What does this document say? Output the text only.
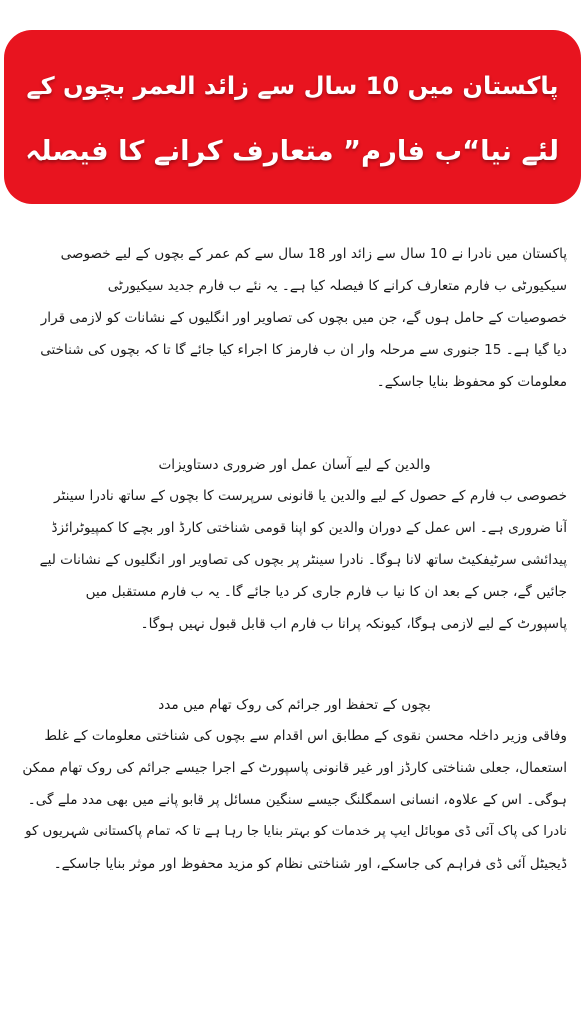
پاکستان میں 10 سال سے زائد العمر بچوں کے
لئے نیا“ب فارم” متعارف کرانے کا فیصلہ

پاکستان میں نادرا نے 10 سال سے زائد اور 18 سال سے کم عمر کے بچوں کے لیے خصوصی
سیکیورٹی ب فارم متعارف کرانے کا فیصلہ کیا ہے۔ یہ نئے ب فارم جدید سیکیورٹی
خصوصیات کے حامل ہوں گے، جن میں بچوں کی تصاویر اور انگلیوں کے نشانات کو لازمی قرار
دیا گیا ہے۔ 15 جنوری سے مرحلہ وار ان ب فارمز کا اجراء کیا جائے گا تا کہ بچوں کی شناختی
معلومات کو محفوظ بنایا جاسکے۔

والدین کے لیے آسان عمل اور ضروری دستاویزات

خصوصی ب فارم کے حصول کے لیے والدین یا قانونی سرپرست کا بچوں کے ساتھ نادرا سینٹر
آنا ضروری ہے۔ اس عمل کے دوران والدین کو اپنا قومی شناختی کارڈ اور بچے کا کمپیوٹرائزڈ
پیدائشی سرٹیفکیٹ ساتھ لانا ہوگا۔ نادرا سینٹر پر بچوں کی تصاویر اور انگلیوں کے نشانات لیے
جائیں گے، جس کے بعد ان کا نیا ب فارم جاری کر دیا جائے گا۔ یہ ب فارم مستقبل میں
پاسپورٹ کے لیے لازمی ہوگا، کیونکہ پرانا ب فارم اب قابل قبول نہیں ہوگا۔

بچوں کے تحفظ اور جرائم کی روک تھام میں مدد

وفاقی وزیر داخلہ محسن نقوی کے مطابق اس اقدام سے بچوں کی شناختی معلومات کے غلط
استعمال، جعلی شناختی کارڈز اور غیر قانونی پاسپورٹ کے اجرا جیسے جرائم کی روک تھام ممکن
ہوگی۔ اس کے علاوہ، انسانی اسمگلنگ جیسے سنگین مسائل پر قابو پانے میں بھی مدد ملے گی۔
نادرا کی پاک آئی ڈی موبائل ایپ پر خدمات کو بہتر بنایا جا رہا ہے تا کہ تمام پاکستانی شہریوں کو
ڈیجیٹل آئی ڈی فراہم کی جاسکے، اور شناختی نظام کو مزید محفوظ اور موثر بنایا جاسکے۔
